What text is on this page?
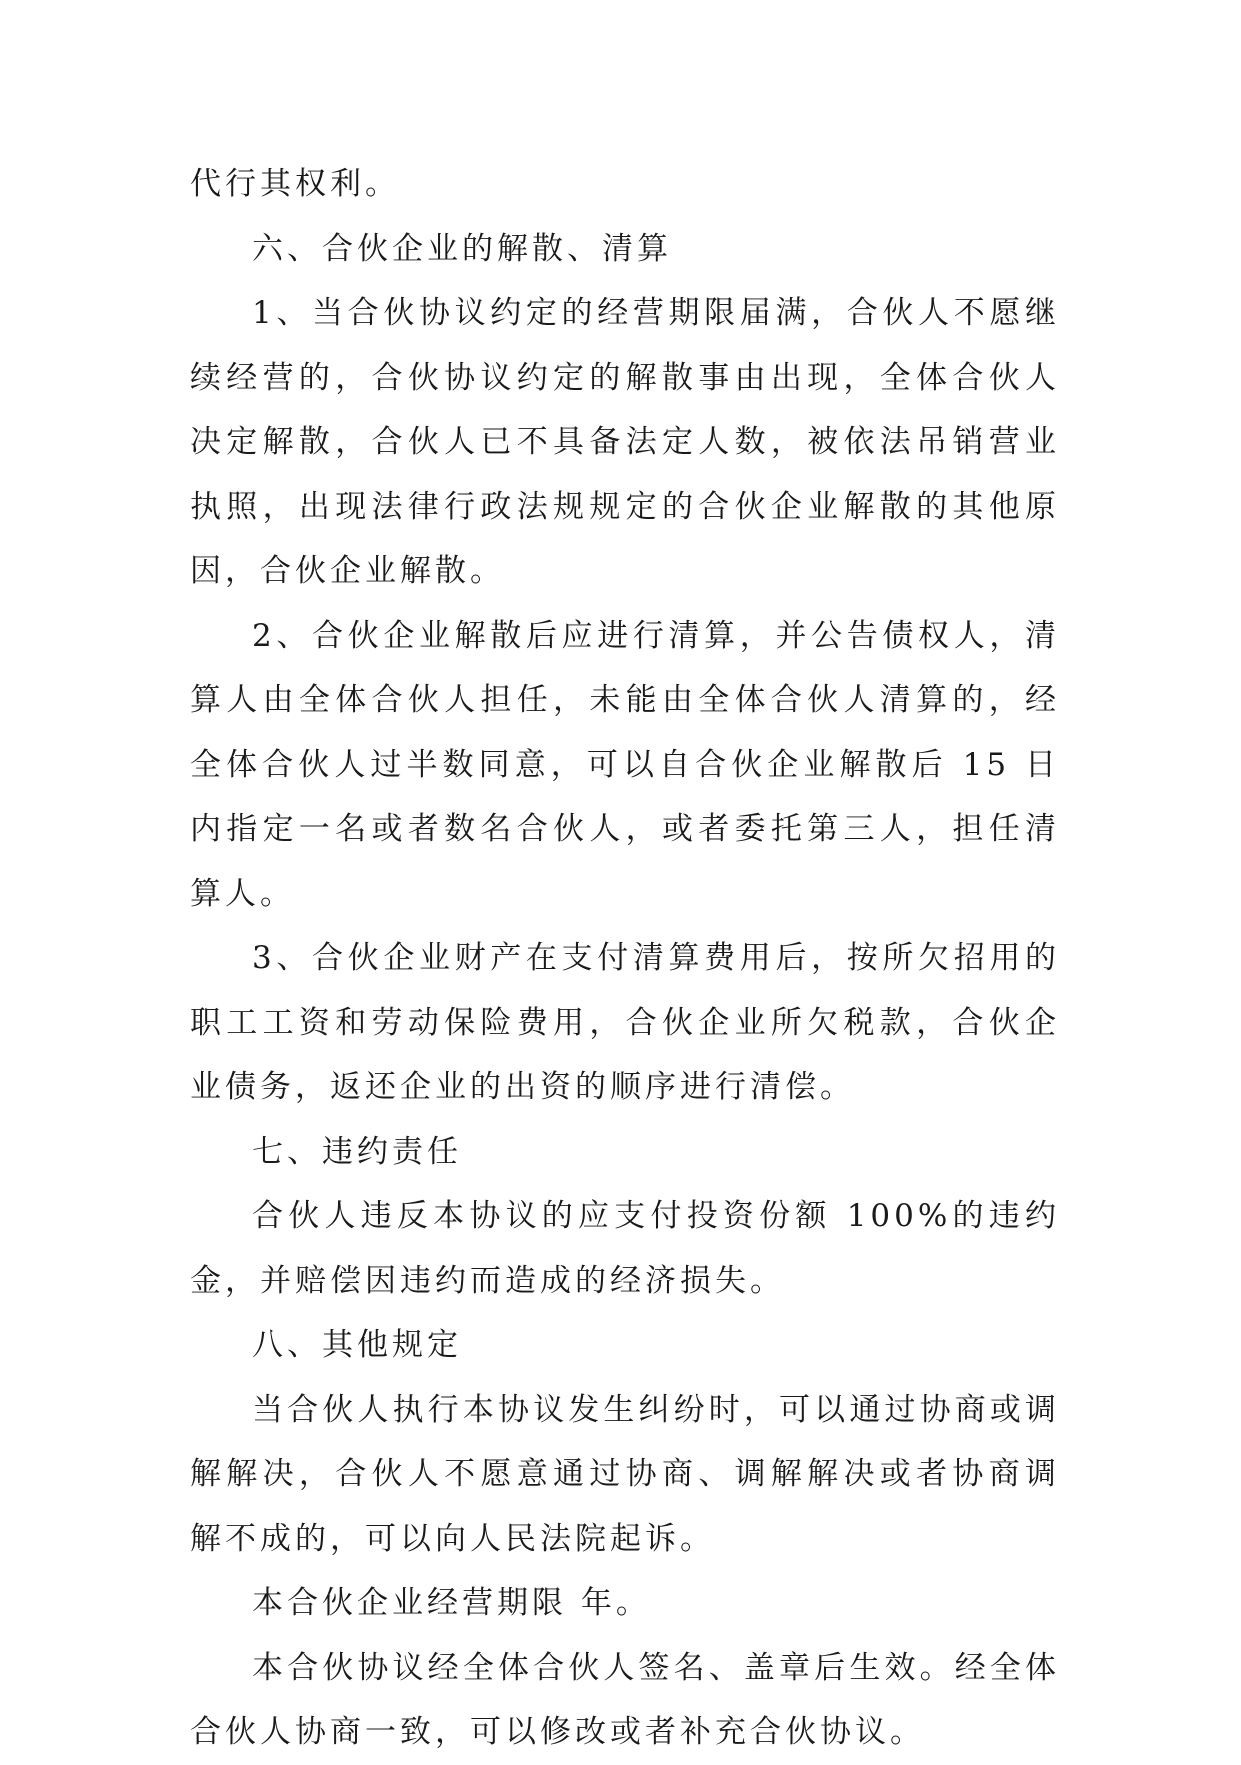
代行其权利。

六、合伙企业的解散、清算

1、当合伙协议约定的经营期限届满，合伙人不愿继续经营的，合伙协议约定的解散事由出现，全体合伙人决定解散，合伙人已不具备法定人数，被依法吊销营业执照，出现法律行政法规规定的合伙企业解散的其他原因，合伙企业解散。

2、合伙企业解散后应进行清算，并公告债权人，清算人由全体合伙人担任，未能由全体合伙人清算的，经全体合伙人过半数同意，可以自合伙企业解散后 15 日内指定一名或者数名合伙人，或者委托第三人，担任清算人。

3、合伙企业财产在支付清算费用后，按所欠招用的职工工资和劳动保险费用，合伙企业所欠税款，合伙企业债务，返还企业的出资的顺序进行清偿。

七、违约责任

合伙人违反本协议的应支付投资份额 100%的违约金，并赔偿因违约而造成的经济损失。

八、其他规定

当合伙人执行本协议发生纠纷时，可以通过协商或调解解决，合伙人不愿意通过协商、调解解决或者协商调解不成的，可以向人民法院起诉。

本合伙企业经营期限 年。

本合伙协议经全体合伙人签名、盖章后生效。经全体合伙人协商一致，可以修改或者补充合伙协议。
